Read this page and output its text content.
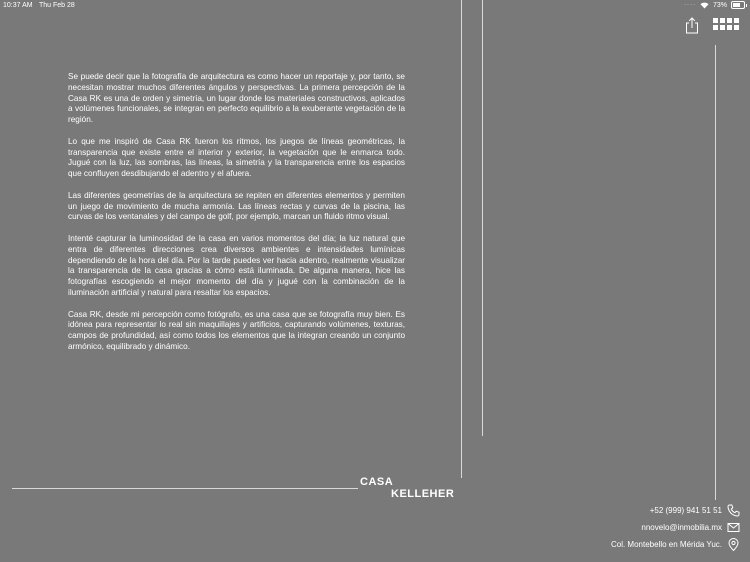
10:37 AM Thu Feb 28	···· 73%

Se puede decir que la fotografía de arquitectura es como hacer un reportaje y, por tanto, se necesitan mostrar muchos diferentes ángulos y perspectivas. La primera percepción de la Casa RK es una de orden y simetría, un lugar donde los materiales constructivos, aplicados a volúmenes funcionales, se integran en perfecto equilibrio a la exuberante vegetación de la región.

Lo que me inspiró de Casa RK fueron los ritmos, los juegos de líneas geométricas, la transparencia que existe entre el interior y exterior, la vegetación que le enmarca todo. Jugué con la luz, las sombras, las líneas, la simetría y la transparencia entre los espacios que confluyen desdibujando el adentro y el afuera.

Las diferentes geometrías de la arquitectura se repiten en diferentes elementos y permiten un juego de movimiento de mucha armonía. Las líneas rectas y curvas de la piscina, las curvas de los ventanales y del campo de golf, por ejemplo, marcan un fluido ritmo visual.

Intenté capturar la luminosidad de la casa en varios momentos del día; la luz natural que entra de diferentes direcciones crea diversos ambientes e intensidades lumínicas dependiendo de la hora del día. Por la tarde puedes ver hacia adentro, realmente visualizar la transparencia de la casa gracias a cómo está iluminada. De alguna manera, hice las fotografías escogiendo el mejor momento del día y jugué con la combinación de la iluminación artificial y natural para resaltar los espacios.

Casa RK, desde mi percepción como fotógrafo, es una casa que se fotografía muy bien. Es idónea para representar lo real sin maquillajes y artificios, capturando volúmenes, texturas, campos de profundidad, así como todos los elementos que la integran creando un conjunto armónico, equilibrado y dinámico.

CASA
KELLEHER
+52 (999) 941 51 51
nnovelo@inmobilia.mx
Col. Montebello en Mérida Yuc.
